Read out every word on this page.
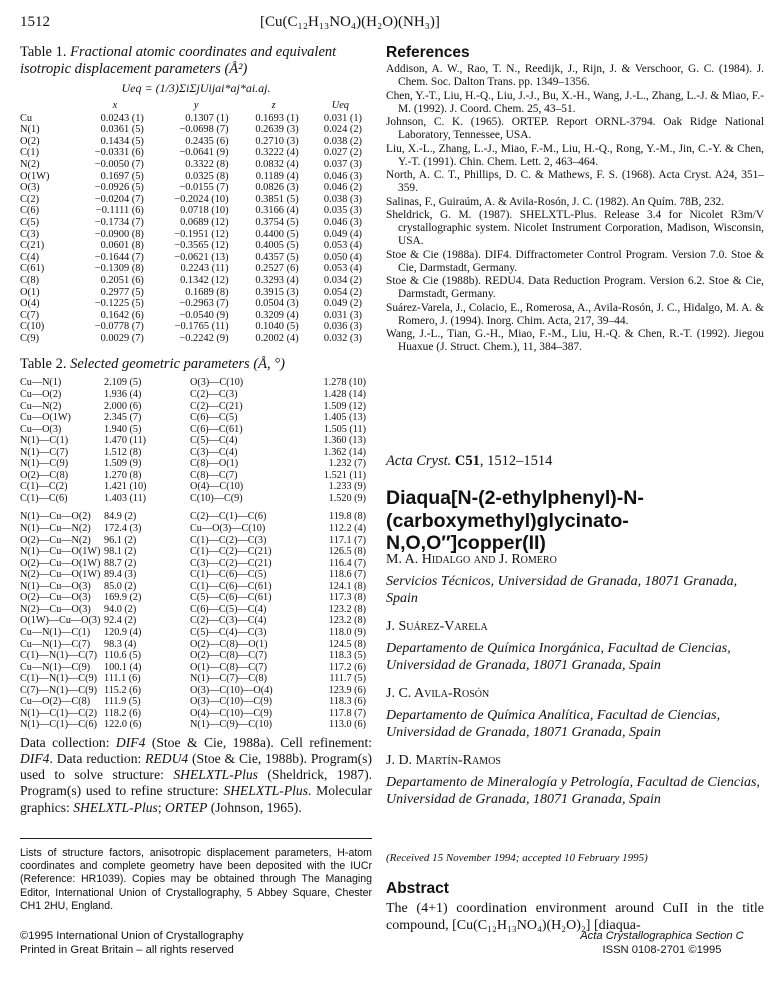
1512	[Cu(C₁₂H₁₃NO₄)(H₂O)(NH₃)]
Table 1. Fractional atomic coordinates and equivalent isotropic displacement parameters (Å²)
Ueq = (1/3)ΣiΣjUijai*aj*ai.aj.
	x	y	z	Ueq
Cu	0.0243 (1)	0.1307 (1)	0.1693 (1)	0.031 (1)
N(1)	0.0361 (5)	−0.0698 (7)	0.2639 (3)	0.024 (2)
O(2)	0.1434 (5)	0.2435 (6)	0.2710 (3)	0.038 (2)
C(1)	−0.0331 (6)	−0.0641 (9)	0.3222 (4)	0.027 (2)
N(2)	−0.0050 (7)	0.3322 (8)	0.0832 (4)	0.037 (3)
O(1W)	0.1697 (5)	0.0325 (8)	0.1189 (4)	0.046 (3)
O(3)	−0.0926 (5)	−0.0155 (7)	0.0826 (3)	0.046 (2)
C(2)	−0.0204 (7)	−0.2024 (10)	0.3851 (5)	0.038 (3)
C(6)	−0.1111 (6)	0.0718 (10)	0.3166 (4)	0.035 (3)
C(5)	−0.1734 (7)	0.0689 (12)	0.3754 (5)	0.046 (3)
C(3)	−0.0900 (8)	−0.1951 (12)	0.4400 (5)	0.049 (4)
C(21)	0.0601 (8)	−0.3565 (12)	0.4005 (5)	0.053 (4)
C(4)	−0.1644 (7)	−0.0621 (13)	0.4357 (5)	0.050 (4)
C(61)	−0.1309 (8)	0.2243 (11)	0.2527 (6)	0.053 (4)
C(8)	0.2051 (6)	0.1342 (12)	0.3293 (4)	0.034 (2)
O(1)	0.2977 (5)	0.1689 (8)	0.3915 (3)	0.054 (2)
O(4)	−0.1225 (5)	−0.2963 (7)	0.0504 (3)	0.049 (2)
C(7)	0.1642 (6)	−0.0540 (9)	0.3209 (4)	0.031 (3)
C(10)	−0.0778 (7)	−0.1765 (11)	0.1040 (5)	0.036 (3)
C(9)	0.0029 (7)	−0.2242 (9)	0.2002 (4)	0.032 (3)
Table 2. Selected geometric parameters (Å, °)
Cu—N(1)	2.109 (5)	O(3)—C(10)	1.278 (10)
Cu—O(2)	1.936 (4)	C(2)—C(3)	1.428 (14)
Cu—N(2)	2.000 (6)	C(2)—C(21)	1.509 (12)
Cu—O(1W)	2.345 (7)	C(6)—C(5)	1.405 (13)
Cu—O(3)	1.940 (5)	C(6)—C(61)	1.505 (11)
N(1)—C(1)	1.470 (11)	C(5)—C(4)	1.360 (13)
N(1)—C(7)	1.512 (8)	C(3)—C(4)	1.362 (14)
N(1)—C(9)	1.509 (9)	C(8)—O(1)	1.232 (7)
O(2)—C(8)	1.270 (8)	C(8)—C(7)	1.521 (11)
C(1)—C(2)	1.421 (10)	O(4)—C(10)	1.233 (9)
C(1)—C(6)	1.403 (11)	C(10)—C(9)	1.520 (9)

N(1)—Cu—O(2)	84.9 (2)	C(2)—C(1)—C(6)	119.8 (8)
N(1)—Cu—N(2)	172.4 (3)	Cu—O(3)—C(10)	112.2 (4)
O(2)—Cu—N(2)	96.1 (2)	C(1)—C(2)—C(3)	117.1 (7)
N(1)—Cu—O(1W)	98.1 (2)	C(1)—C(2)—C(21)	126.5 (8)
O(2)—Cu—O(1W)	88.7 (2)	C(3)—C(2)—C(21)	116.4 (7)
N(2)—Cu—O(1W)	89.4 (3)	C(1)—C(6)—C(5)	118.6 (7)
N(1)—Cu—O(3)	85.0 (2)	C(1)—C(6)—C(61)	124.1 (8)
O(2)—Cu—O(3)	169.9 (2)	C(5)—C(6)—C(61)	117.3 (8)
N(2)—Cu—O(3)	94.0 (2)	C(6)—C(5)—C(4)	123.2 (8)
O(1W)—Cu—O(3)	92.4 (2)	C(2)—C(3)—C(4)	123.2 (8)
Cu—N(1)—C(1)	120.9 (4)	C(5)—C(4)—C(3)	118.0 (9)
Cu—N(1)—C(7)	98.3 (4)	O(2)—C(8)—O(1)	124.5 (8)
C(1)—N(1)—C(7)	110.6 (5)	O(2)—C(8)—C(7)	118.3 (5)
Cu—N(1)—C(9)	100.1 (4)	O(1)—C(8)—C(7)	117.2 (6)
C(1)—N(1)—C(9)	111.1 (6)	N(1)—C(7)—C(8)	111.7 (5)
C(7)—N(1)—C(9)	115.2 (6)	O(3)—C(10)—O(4)	123.9 (6)
Cu—O(2)—C(8)	111.9 (5)	O(3)—C(10)—C(9)	118.3 (6)
N(1)—C(1)—C(2)	118.2 (6)	O(4)—C(10)—C(9)	117.8 (7)
N(1)—C(1)—C(6)	122.0 (6)	N(1)—C(9)—C(10)	113.0 (6)

Data collection: DIF4 (Stoe & Cie, 1988a). Cell refinement: DIF4. Data reduction: REDU4 (Stoe & Cie, 1988b). Program(s) used to solve structure: SHELXTL-Plus (Sheldrick, 1987). Program(s) used to refine structure: SHELXTL-Plus. Molecular graphics: SHELXTL-Plus; ORTEP (Johnson, 1965).

Lists of structure factors, anisotropic displacement parameters, H-atom coordinates and complete geometry have been deposited with the IUCr (Reference: HR1039). Copies may be obtained through The Managing Editor, International Union of Crystallography, 5 Abbey Square, Chester CH1 2HU, England.

©1995 International Union of Crystallography
Printed in Great Britain – all rights reserved
References
Addison, A. W., Rao, T. N., Reedijk, J., Rijn, J. & Verschoor, G. C. (1984). J. Chem. Soc. Dalton Trans. pp. 1349–1356.
Chen, Y.-T., Liu, H.-Q., Liu, J.-J., Bu, X.-H., Wang, J.-L., Zhang, L.-J. & Miao, F.-M. (1992). J. Coord. Chem. 25, 43–51.
Johnson, C. K. (1965). ORTEP. Report ORNL-3794. Oak Ridge National Laboratory, Tennessee, USA.
Liu, X.-L., Zhang, L.-J., Miao, F.-M., Liu, H.-Q., Rong, Y.-M., Jin, C.-Y. & Chen, Y.-T. (1991). Chin. Chem. Lett. 2, 463–464.
North, A. C. T., Phillips, D. C. & Mathews, F. S. (1968). Acta Cryst. A24, 351–359.
Salinas, F., Guiraúm, A. & Avila-Rosón, J. C. (1982). An Quím. 78B, 232.
Sheldrick, G. M. (1987). SHELXTL-Plus. Release 3.4 for Nicolet R3m/V crystallographic system. Nicolet Instrument Corporation, Madison, Wisconsin, USA.
Stoe & Cie (1988a). DIF4. Diffractometer Control Program. Version 7.0. Stoe & Cie, Darmstadt, Germany.
Stoe & Cie (1988b). REDU4. Data Reduction Program. Version 6.2. Stoe & Cie, Darmstadt, Germany.
Suárez-Varela, J., Colacio, E., Romerosa, A., Avila-Rosón, J. C., Hidalgo, M. A. & Romero, J. (1994). Inorg. Chim. Acta, 217, 39–44.
Wang, J.-L., Tian, G.-H., Miao, F.-M., Liu, H.-Q. & Chen, R.-T. (1992). Jiegou Huaxue (J. Struct. Chem.), 11, 384–387.
Acta Cryst. C51, 1512–1514
Diaqua[N-(2-ethylphenyl)-N-(carboxymethyl)glycinato-N,O,O″]copper(II)
M. A. Hidalgo and J. Romero
Servicios Técnicos, Universidad de Granada, 18071 Granada, Spain
J. Suárez-Varela
Departamento de Química Inorgánica, Facultad de Ciencias, Universidad de Granada, 18071 Granada, Spain
J. C. Avila-Rosón
Departamento de Química Analítica, Facultad de Ciencias, Universidad de Granada, 18071 Granada, Spain
J. D. Martín-Ramos
Departamento de Mineralogía y Petrología, Facultad de Ciencias, Universidad de Granada, 18071 Granada, Spain
(Received 15 November 1994; accepted 10 February 1995)
Abstract
The (4+1) coordination environment around CuII in the title compound, [Cu(C₁₂H₁₃NO₄)(H₂O)₂] [diaqua-
Acta Crystallographica Section C
ISSN 0108-2701 ©1995
